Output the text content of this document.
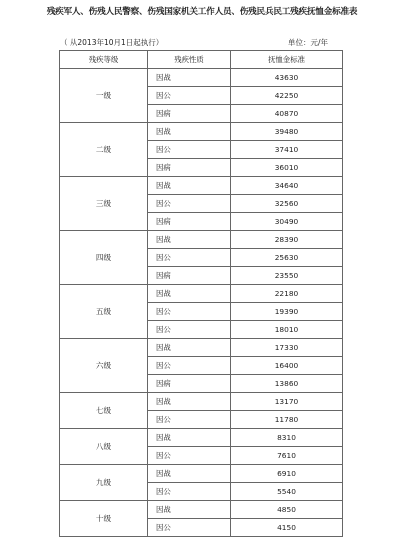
残疾军人、伤残人民警察、伤残国家机关工作人员、伤残民兵民工残疾抚恤金标准表
（ 从2013年10月1日起执行）	单位：元/年
残疾等级	残疾性质	抚恤金标准
一级	因战	43630
	因公	42250
	因病	40870
二级	因战	39480
	因公	37410
	因病	36010
三级	因战	34640
	因公	32560
	因病	30490
四级	因战	28390
	因公	25630
	因病	23550
五级	因战	22180
	因公	19390
	因公	18010
六级	因战	17330
	因公	16400
	因病	13860
七级	因战	13170
	因公	11780
八级	因战	8310
	因公	7610
九级	因战	6910
	因公	5540
十级	因战	4850
	因公	4150
